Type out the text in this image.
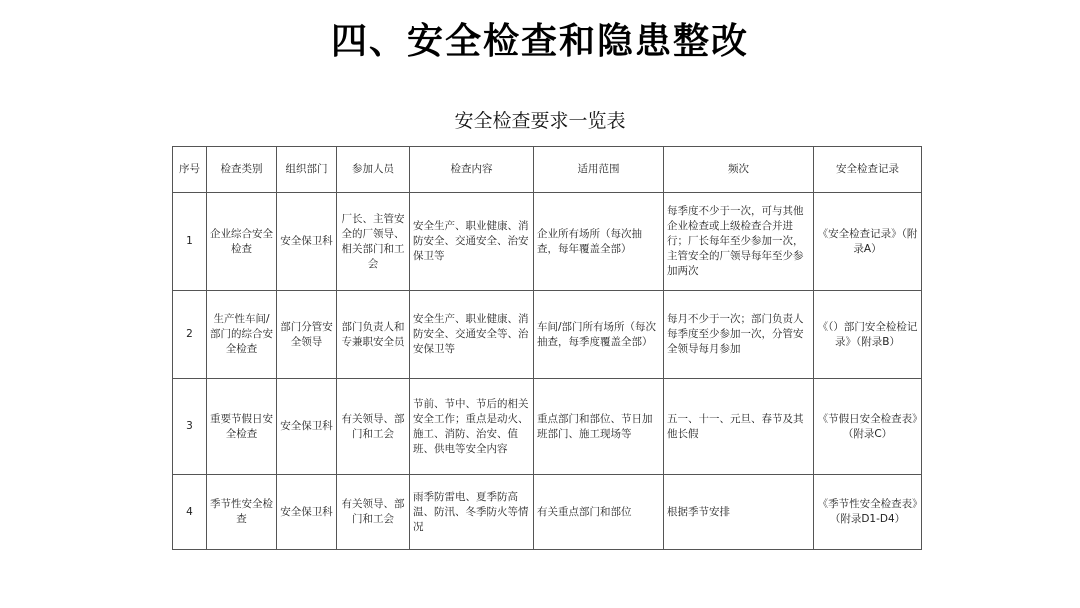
四、安全检查和隐患整改
安全检查要求一览表
序号	检查类别	组织部门	参加人员	检查内容	适用范围	频次	安全检查记录
1	企业综合安全检查	安全保卫科	厂长、主管安全的厂领导、相关部门和工会	安全生产、职业健康、消防安全、交通安全、治安保卫等	企业所有场所（每次抽查，每年覆盖全部）	每季度不少于一次，可与其他企业检查或上级检查合并进行；厂长每年至少参加一次，主管安全的厂领导每年至少参加两次	《安全检查记录》（附录A）
2	生产性车间/部门的综合安全检查	部门分管安全领导	部门负责人和专兼职安全员	安全生产、职业健康、消防安全、交通安全等、治安保卫等	车间/部门所有场所（每次抽查，每季度覆盖全部）	每月不少于一次；部门负责人每季度至少参加一次，分管安全领导每月参加	《（）部门安全检检记录》（附录B）
3	重要节假日安全检查	安全保卫科	有关领导、部门和工会	节前、节中、节后的相关安全工作；重点是动火、施工、消防、治安、值班、供电等安全内容	重点部门和部位、节日加班部门、施工现场等	五一、十一、元旦、春节及其他长假	《节假日安全检查表》（附录C）
4	季节性安全检查	安全保卫科	有关领导、部门和工会	雨季防雷电、夏季防高温、防汛、冬季防火等情况	有关重点部门和部位	根据季节安排	《季节性安全检查表》（附录D1-D4）
